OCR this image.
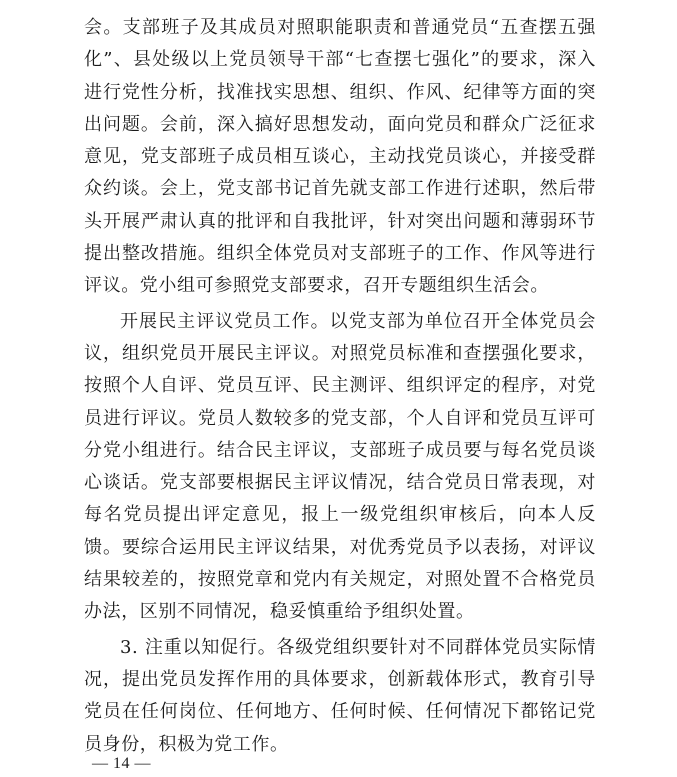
会。支部班子及其成员对照职能职责和普通党员“五查摆五强化”、县处级以上党员领导干部“七查摆七强化”的要求，深入进行党性分析，找准找实思想、组织、作风、纪律等方面的突出问题。会前，深入搞好思想发动，面向党员和群众广泛征求意见，党支部班子成员相互谈心，主动找党员谈心，并接受群众约谈。会上，党支部书记首先就支部工作进行述职，然后带头开展严肃认真的批评和自我批评，针对突出问题和薄弱环节提出整改措施。组织全体党员对支部班子的工作、作风等进行评议。党小组可参照党支部要求，召开专题组织生活会。

开展民主评议党员工作。以党支部为单位召开全体党员会议，组织党员开展民主评议。对照党员标准和查摆强化要求，按照个人自评、党员互评、民主测评、组织评定的程序，对党员进行评议。党员人数较多的党支部，个人自评和党员互评可分党小组进行。结合民主评议，支部班子成员要与每名党员谈心谈话。党支部要根据民主评议情况，结合党员日常表现，对每名党员提出评定意见，报上一级党组织审核后，向本人反馈。要综合运用民主评议结果，对优秀党员予以表扬，对评议结果较差的，按照党章和党内有关规定，对照处置不合格党员办法，区别不同情况，稳妥慎重给予组织处置。

3. 注重以知促行。各级党组织要针对不同群体党员实际情况，提出党员发挥作用的具体要求，创新载体形式，教育引导党员在任何岗位、任何地方、任何时候、任何情况下都铭记党员身份，积极为党工作。

— 14 —
